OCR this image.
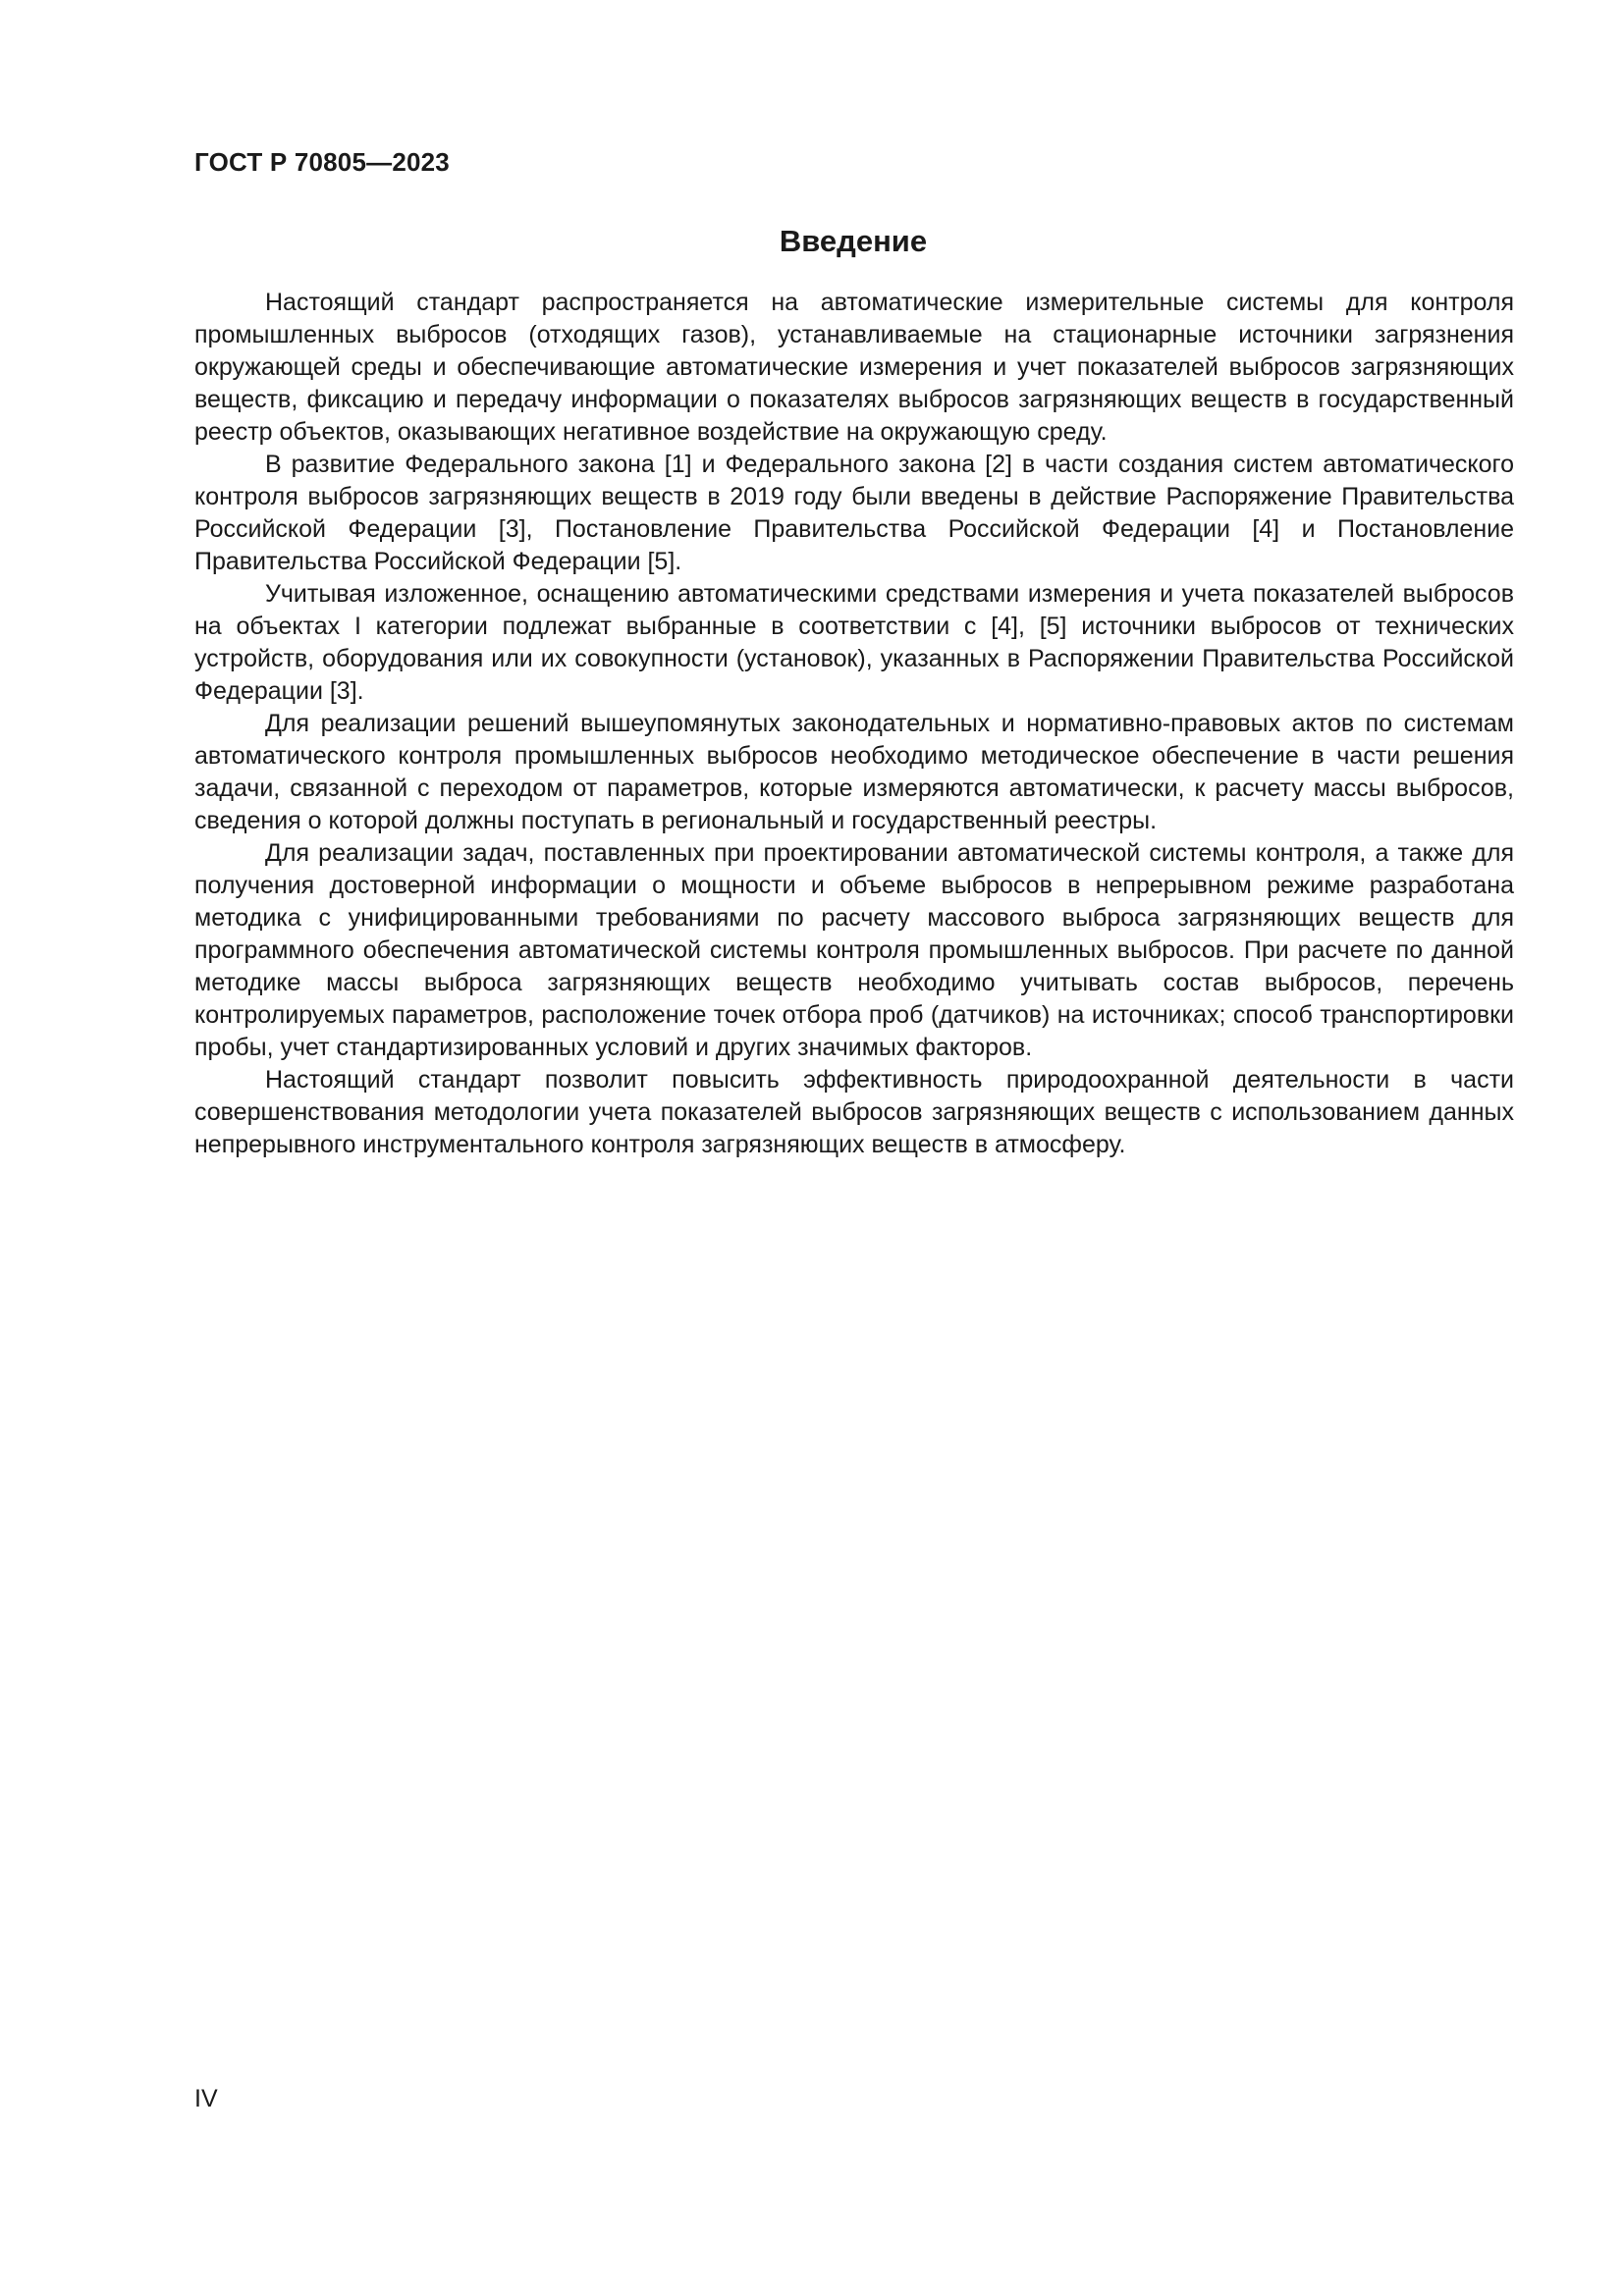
ГОСТ Р 70805—2023
Введение

Настоящий стандарт распространяется на автоматические измерительные системы для контроля промышленных выбросов (отходящих газов), устанавливаемые на стационарные источники загрязнения окружающей среды и обеспечивающие автоматические измерения и учет показателей выбросов загрязняющих веществ, фиксацию и передачу информации о показателях выбросов загрязняющих веществ в государственный реестр объектов, оказывающих негативное воздействие на окружающую среду.

В развитие Федерального закона [1] и Федерального закона [2] в части создания систем автоматического контроля выбросов загрязняющих веществ в 2019 году были введены в действие Распоряжение Правительства Российской Федерации [3], Постановление Правительства Российской Федерации [4] и Постановление Правительства Российской Федерации [5].

Учитывая изложенное, оснащению автоматическими средствами измерения и учета показателей выбросов на объектах I категории подлежат выбранные в соответствии с [4], [5] источники выбросов от технических устройств, оборудования или их совокупности (установок), указанных в Распоряжении Правительства Российской Федерации [3].

Для реализации решений вышеупомянутых законодательных и нормативно-правовых актов по системам автоматического контроля промышленных выбросов необходимо методическое обеспечение в части решения задачи, связанной с переходом от параметров, которые измеряются автоматически, к расчету массы выбросов, сведения о которой должны поступать в региональный и государственный реестры.

Для реализации задач, поставленных при проектировании автоматической системы контроля, а также для получения достоверной информации о мощности и объеме выбросов в непрерывном режиме разработана методика с унифицированными требованиями по расчету массового выброса загрязняющих веществ для программного обеспечения автоматической системы контроля промышленных выбросов. При расчете по данной методике массы выброса загрязняющих веществ необходимо учитывать состав выбросов, перечень контролируемых параметров, расположение точек отбора проб (датчиков) на источниках; способ транспортировки пробы, учет стандартизированных условий и других значимых факторов.

Настоящий стандарт позволит повысить эффективность природоохранной деятельности в части совершенствования методологии учета показателей выбросов загрязняющих веществ с использованием данных непрерывного инструментального контроля загрязняющих веществ в атмосферу.

IV
